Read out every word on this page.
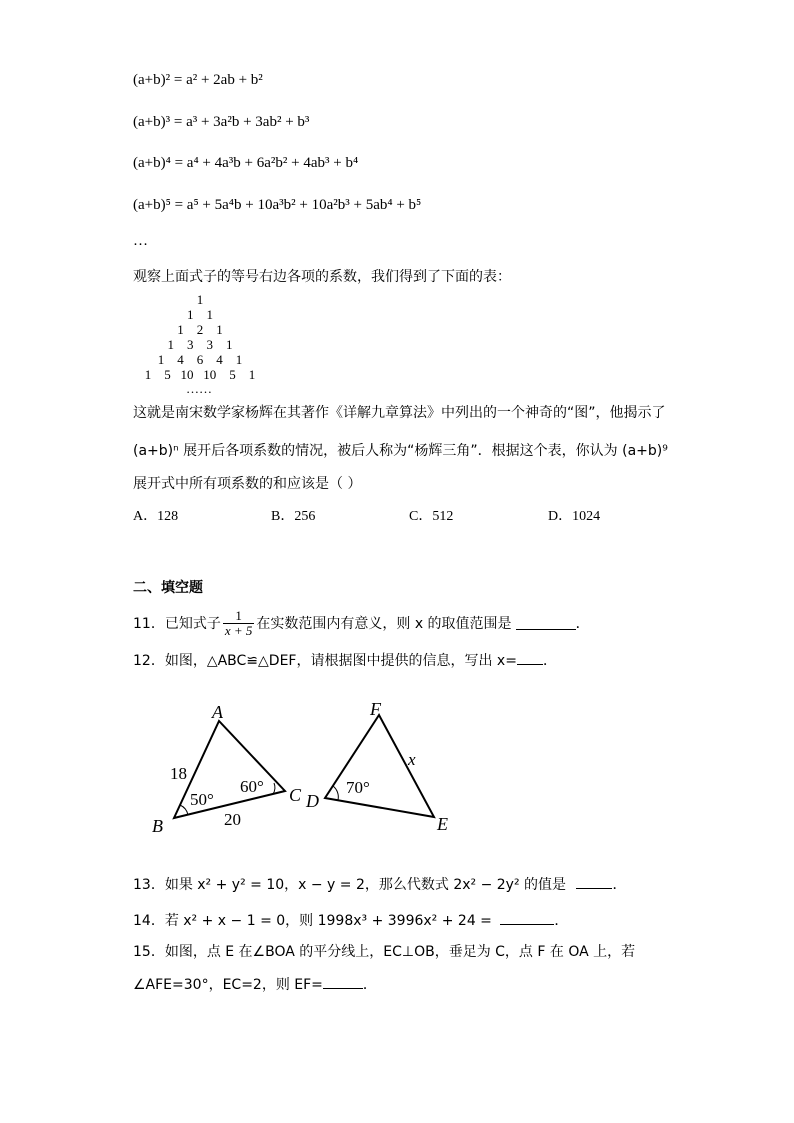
(a+b)² = a² + 2ab + b²
(a+b)³ = a³ + 3a²b + 3ab² + b³
(a+b)⁴ = a⁴ + 4a³b + 6a²b² + 4ab³ + b⁴
(a+b)⁵ = a⁵ + 5a⁴b + 10a³b² + 10a²b³ + 5ab⁴ + b⁵
…
观察上面式子的等号右边各项的系数，我们得到了下面的表：
1
1    1
1    2    1
1    3    3    1
1    4    6    4    1
1    5   10   10    5    1
……
这就是南宋数学家杨辉在其著作《详解九章算法》中列出的一个神奇的“图”，他揭示了
(a+b)ⁿ 展开后各项系数的情况，被后人称为“杨辉三角”．根据这个表，你认为 (a+b)⁹
展开式中所有项系数的和应该是（ ）
A．128	B．256	C．512	D．1024
二、填空题
11．已知式子 $\frac{1}{x + 5}$ 在实数范围内有意义，则 x 的取值范围是	．
12．如图，△ABC≌△DEF，请根据图中提供的信息，写出 x= ．
A
B
C D
E
F
18
20
50°
60°	70°
x
13．如果 x² + y² = 10，x − y = 2，那么代数式 2x² − 2y² 的值是	．
14．若 x² + x − 1 = 0，则 1998x³ + 3996x² + 24 =	．
15．如图，点 E 在∠BOA 的平分线上，EC⊥OB，垂足为 C，点 F 在 OA 上，若
∠AFE=30°，EC=2，则 EF=	．
